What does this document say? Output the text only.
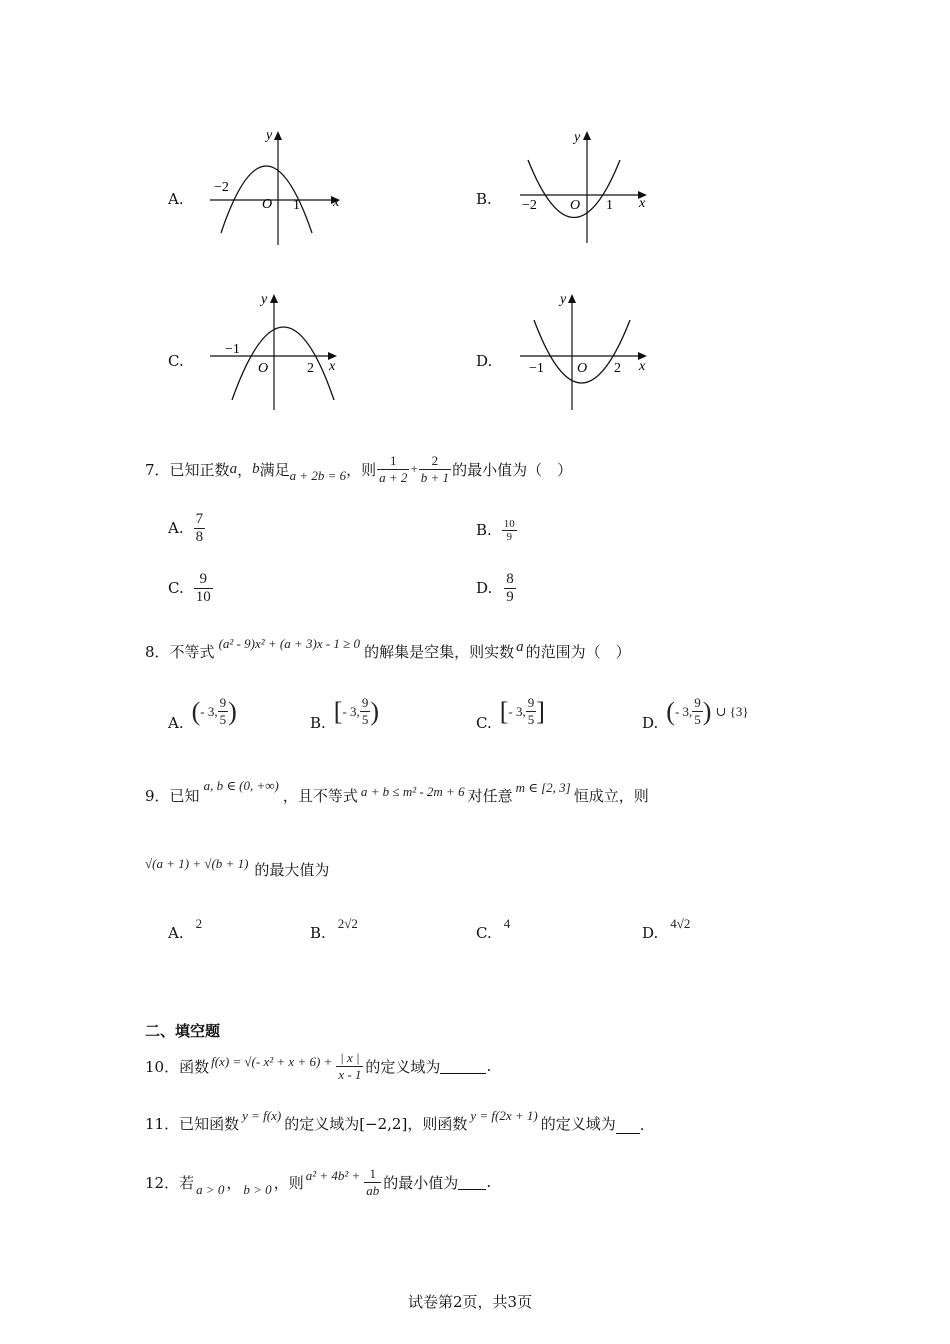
A.
y
x
O
−2
1	B.
y
x
O
−2	1
C.
y
x
O
−1
2	D.
y
x
O
−1	2
7． 已知正数 a ， b 满足 a + 2b = 6 ，则 $\frac{1}{a + 2} + \frac{2}{b + 1}$ 的最小值为（　）
A. $\frac{7}{8}$	B. $\frac{10}{9}$
C. $\frac{9}{10}$	D. $\frac{8}{9}$
8． 不等式 (a² - 9)x² + (a + 3)x - 1 ≥ 0 的解集是空集，则实数 a 的范围为（　）
A. ( - 3, $\frac{9}{5}$ )	B. [ - 3, $\frac{9}{5}$ )	C. [ - 3, $\frac{9}{5}$ ]	D. ( - 3, $\frac{9}{5}$ ) ∪ {3}
9． 已知
a, b ∈ (0, +∞)
，且不等式 a + b ≤ m² - 2m + 6 对任意 m ∈ [2, 3] 恒成立，则
√(a + 1) + √(b + 1) 的最大值为
A.
2
B.
2√2
C.
4
D.
4√2
二、填空题
10． 函数 f(x) = √(- $x^2 + x + 6) + \frac{| x |}{x - 1}$ 的定义域为	.
11． 已知函数 y = f(x) 的定义域为[−2,2]，则函数 y = f(2x + 1) 的定义域为 .
12． 若 a > 0 ， b > 0 ，则 $a^2 + 4b^2 + \frac{1}{ab}$ 的最小值为 .
试卷第2页，共3页
